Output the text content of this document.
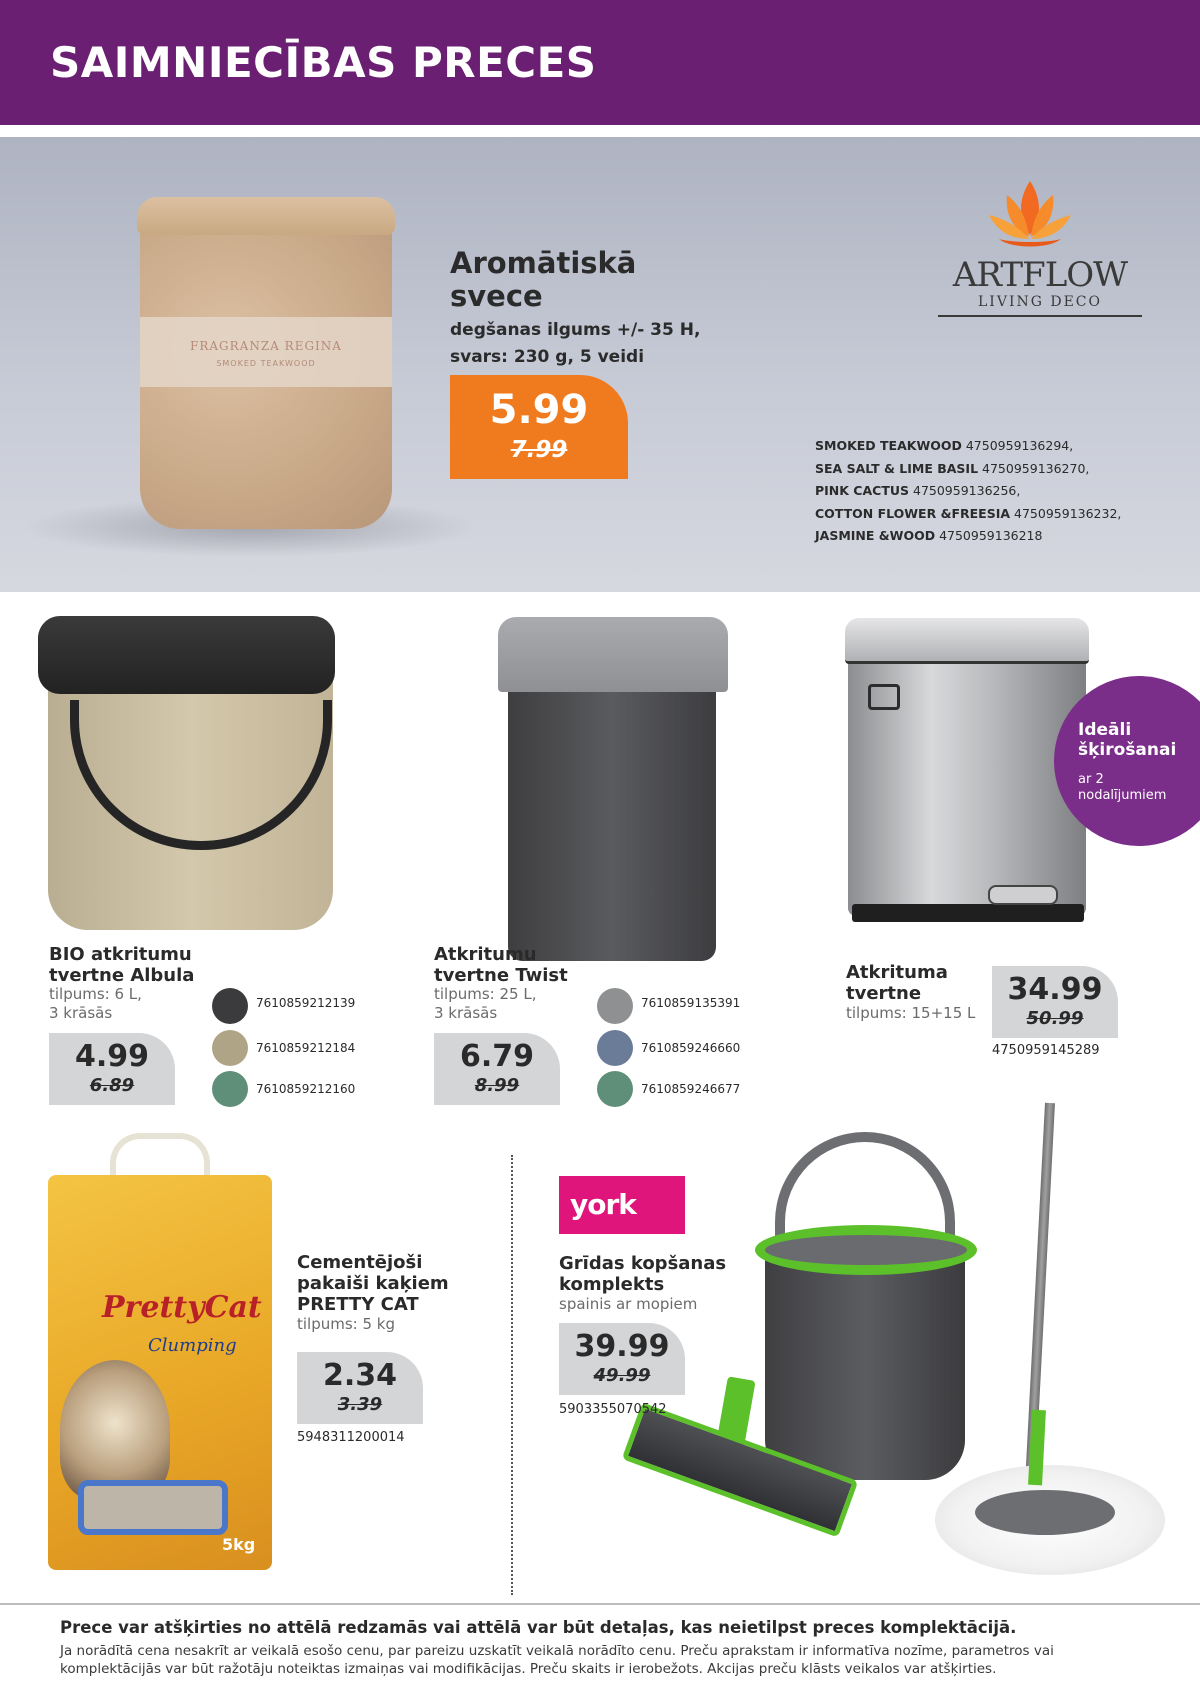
SAIMNIECĪBAS PRECES
FRAGRANZA REGINA
SMOKED TEAKWOOD
Aromātiskā
svece
degšanas ilgums +/- 35 H,
svars: 230 g, 5 veidi
5.99
7.99
ARTFLOW
LIVING DECO
SMOKED TEAKWOOD 4750959136294,
SEA SALT & LIME BASIL 4750959136270,
PINK CACTUS 4750959136256,
COTTON FLOWER &FREESIA 4750959136232,
JASMINE &WOOD 4750959136218
BIO atkritumu
tvertne Albula
tilpums: 6 L,
3 krāsās
4.99
6.89
7610859212139
7610859212184
7610859212160
Atkritumu
tvertne Twist
tilpums: 25 L,
3 krāsās
6.79
8.99
7610859135391
7610859246660
7610859246677
Ideāli
šķirošanai
ar 2
nodalījumiem
Atkrituma
tvertne
tilpums: 15+15 L
34.99
50.99
4750959145289
PrettyCat
Clumping
5kg
Cementējoši
pakaiši kaķiem
PRETTY CAT
tilpums: 5 kg
2.34
3.39
5948311200014
york
Grīdas kopšanas
komplekts
spainis ar mopiem
39.99
49.99
5903355070542
Prece var atšķirties no attēlā redzamās vai attēlā var būt detaļas, kas neietilpst preces komplektācijā.
Ja norādītā cena nesakrīt ar veikalā esošo cenu, par pareizu uzskatīt veikalā norādīto cenu. Preču aprakstam ir informatīva nozīme, parametros vai komplektācijās var būt ražotāju noteiktas izmaiņas vai modifikācijas. Preču skaits ir ierobežots. Akcijas preču klāsts veikalos var atšķirties.
